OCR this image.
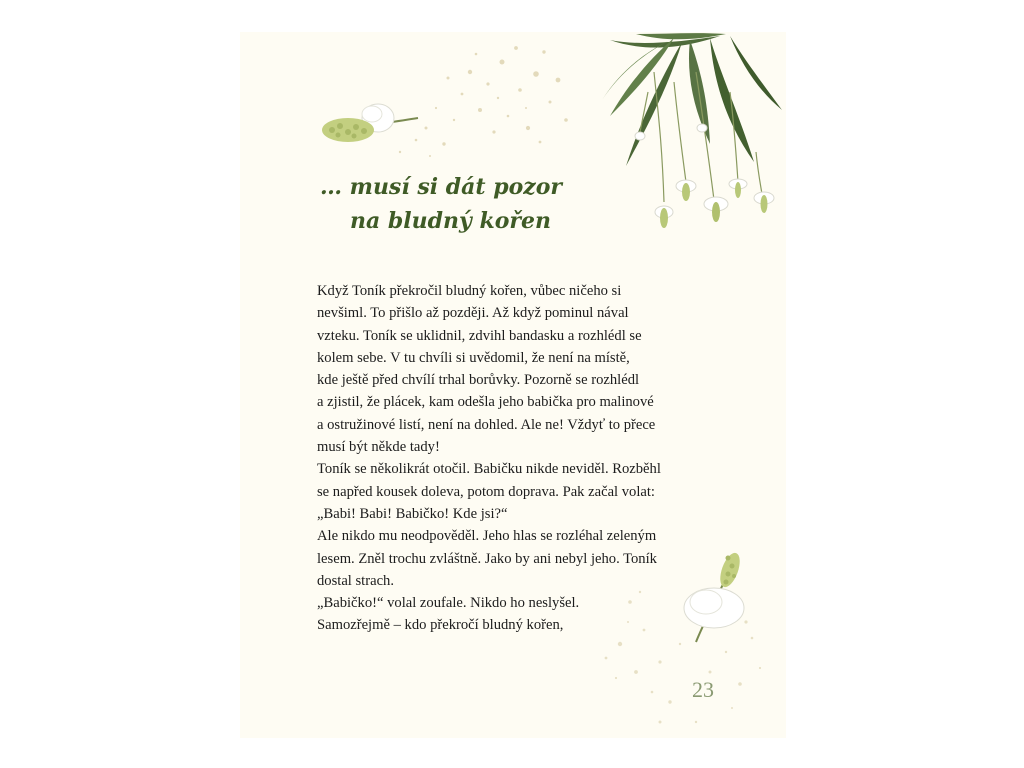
… musí si dát pozor
na bludný kořen
Když Toník překročil bludný kořen, vůbec ničeho si
nevšiml. To přišlo až později. Až když pominul nával
vzteku. Toník se uklidnil, zdvihl bandasku a rozhlédl se
kolem sebe. V tu chvíli si uvědomil, že není na místě,
kde ještě před chvílí trhal borůvky. Pozorně se rozhlédl
a zjistil, že plácek, kam odešla jeho babička pro malinové
a ostružinové listí, není na dohled. Ale ne! Vždyť to přece
musí být někde tady!
Toník se několikrát otočil. Babičku nikde neviděl. Rozběhl
se napřed kousek doleva, potom doprava. Pak začal volat:
„Babi! Babi! Babičko! Kde jsi?“
Ale nikdo mu neodpověděl. Jeho hlas se rozléhal zeleným
lesem. Zněl trochu zvláštně. Jako by ani nebyl jeho. Toník
dostal strach.
„Babičko!“ volal zoufale. Nikdo ho neslyšel.
Samozřejmě – kdo překročí bludný kořen,
23
